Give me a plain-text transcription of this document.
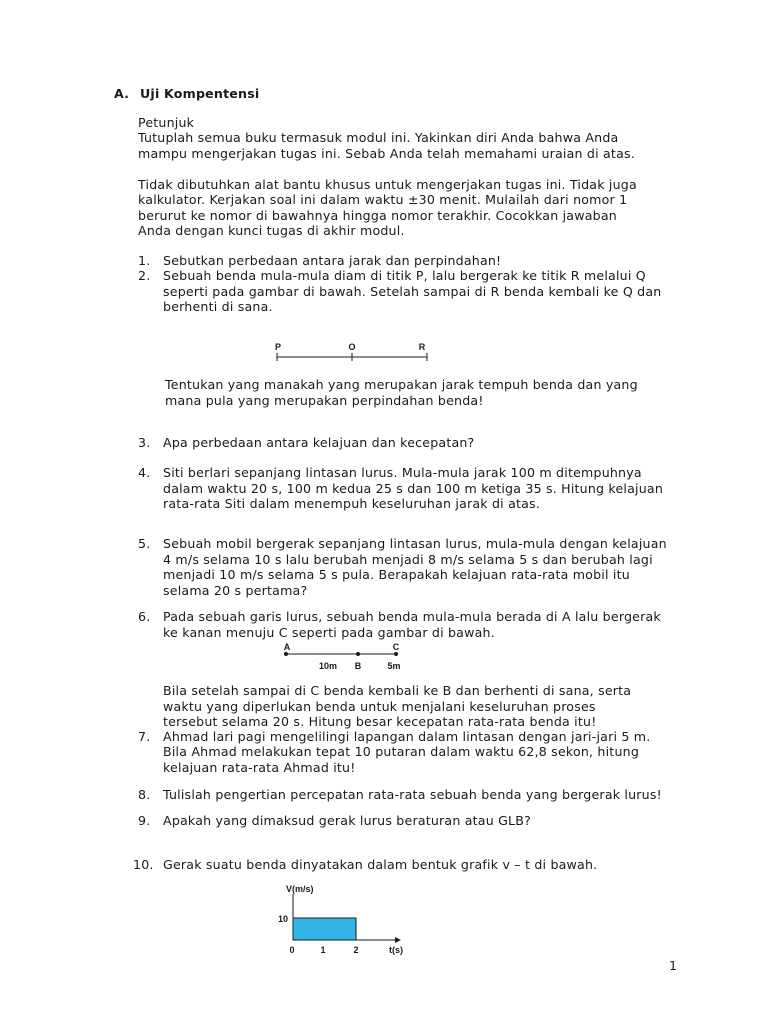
A. Uji Kompentensi
Petunjuk
Tutuplah semua buku termasuk modul ini. Yakinkan diri Anda bahwa Anda
mampu mengerjakan tugas ini. Sebab Anda telah memahami uraian di atas.
Tidak dibutuhkan alat bantu khusus untuk mengerjakan tugas ini. Tidak juga
kalkulator. Kerjakan soal ini dalam waktu ±30 menit. Mulailah dari nomor 1
berurut ke nomor di bawahnya hingga nomor terakhir. Cocokkan jawaban
Anda dengan kunci tugas di akhir modul.
1. Sebutkan perbedaan antara jarak dan perpindahan!
2. Sebuah benda mula-mula diam di titik P, lalu bergerak ke titik R melalui Q
seperti pada gambar di bawah. Setelah sampai di R benda kembali ke Q dan
berhenti di sana.
P	O	R
Tentukan yang manakah yang merupakan jarak tempuh benda dan yang
mana pula yang merupakan perpindahan benda!
3. Apa perbedaan antara kelajuan dan kecepatan?
4. Siti berlari sepanjang lintasan lurus. Mula-mula jarak 100 m ditempuhnya
dalam waktu 20 s, 100 m kedua 25 s dan 100 m ketiga 35 s. Hitung kelajuan
rata-rata Siti dalam menempuh keseluruhan jarak di atas.
5. Sebuah mobil bergerak sepanjang lintasan lurus, mula-mula dengan kelajuan
4 m/s selama 10 s lalu berubah menjadi 8 m/s selama 5 s dan berubah lagi
menjadi 10 m/s selama 5 s pula. Berapakah kelajuan rata-rata mobil itu
selama 20 s pertama?
6. Pada sebuah garis lurus, sebuah benda mula-mula berada di A lalu bergerak
ke kanan menuju C seperti pada gambar di bawah.
A	C
10m B	5m
Bila setelah sampai di C benda kembali ke B dan berhenti di sana, serta
waktu yang diperlukan benda untuk menjalani keseluruhan proses
tersebut selama 20 s. Hitung besar kecepatan rata-rata benda itu!
7. Ahmad lari pagi mengelilingi lapangan dalam lintasan dengan jari-jari 5 m.
Bila Ahmad melakukan tepat 10 putaran dalam waktu 62,8 sekon, hitung
kelajuan rata-rata Ahmad itu!
8. Tulislah pengertian percepatan rata-rata sebuah benda yang bergerak lurus!
9. Apakah yang dimaksud gerak lurus beraturan atau GLB?
10. Gerak suatu benda dinyatakan dalam bentuk grafik v – t di bawah.
V(m/s)
10
0	1	2	t(s)
1
